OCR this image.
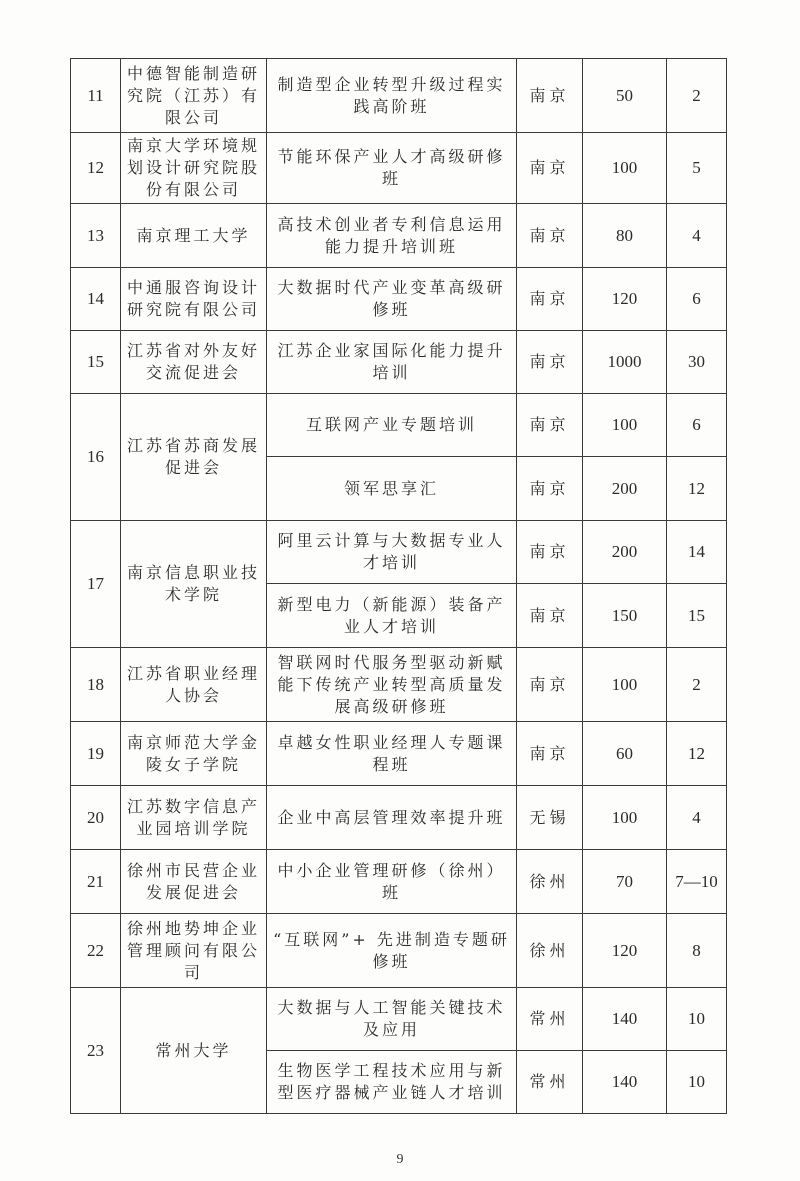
11	中德智能制造研究院（江苏）有限公司	制造型企业转型升级过程实践高阶班	南京	50	2
12	南京大学环境规划设计研究院股份有限公司	节能环保产业人才高级研修班	南京	100	5
13	南京理工大学	高技术创业者专利信息运用能力提升培训班	南京	80	4
14	中通服咨询设计研究院有限公司	大数据时代产业变革高级研修班	南京	120	6
15	江苏省对外友好交流促进会	江苏企业家国际化能力提升培训	南京	1000	30
16	江苏省苏商发展促进会	互联网产业专题培训	南京	100	6
		领军思享汇	南京	200	12
17	南京信息职业技术学院	阿里云计算与大数据专业人才培训	南京	200	14
		新型电力（新能源）装备产业人才培训	南京	150	15
18	江苏省职业经理人协会	智联网时代服务型驱动新赋能下传统产业转型高质量发展高级研修班	南京	100	2
19	南京师范大学金陵女子学院	卓越女性职业经理人专题课程班	南京	60	12
20	江苏数字信息产业园培训学院	企业中高层管理效率提升班	无锡	100	4
21	徐州市民营企业发展促进会	中小企业管理研修（徐州）班	徐州	70	7—10
22	徐州地势坤企业管理顾问有限公司	“互联网”+ 先进制造专题研修班	徐州	120	8
23	常州大学	大数据与人工智能关键技术及应用	常州	140	10
		生物医学工程技术应用与新型医疗器械产业链人才培训	常州	140	10
9
